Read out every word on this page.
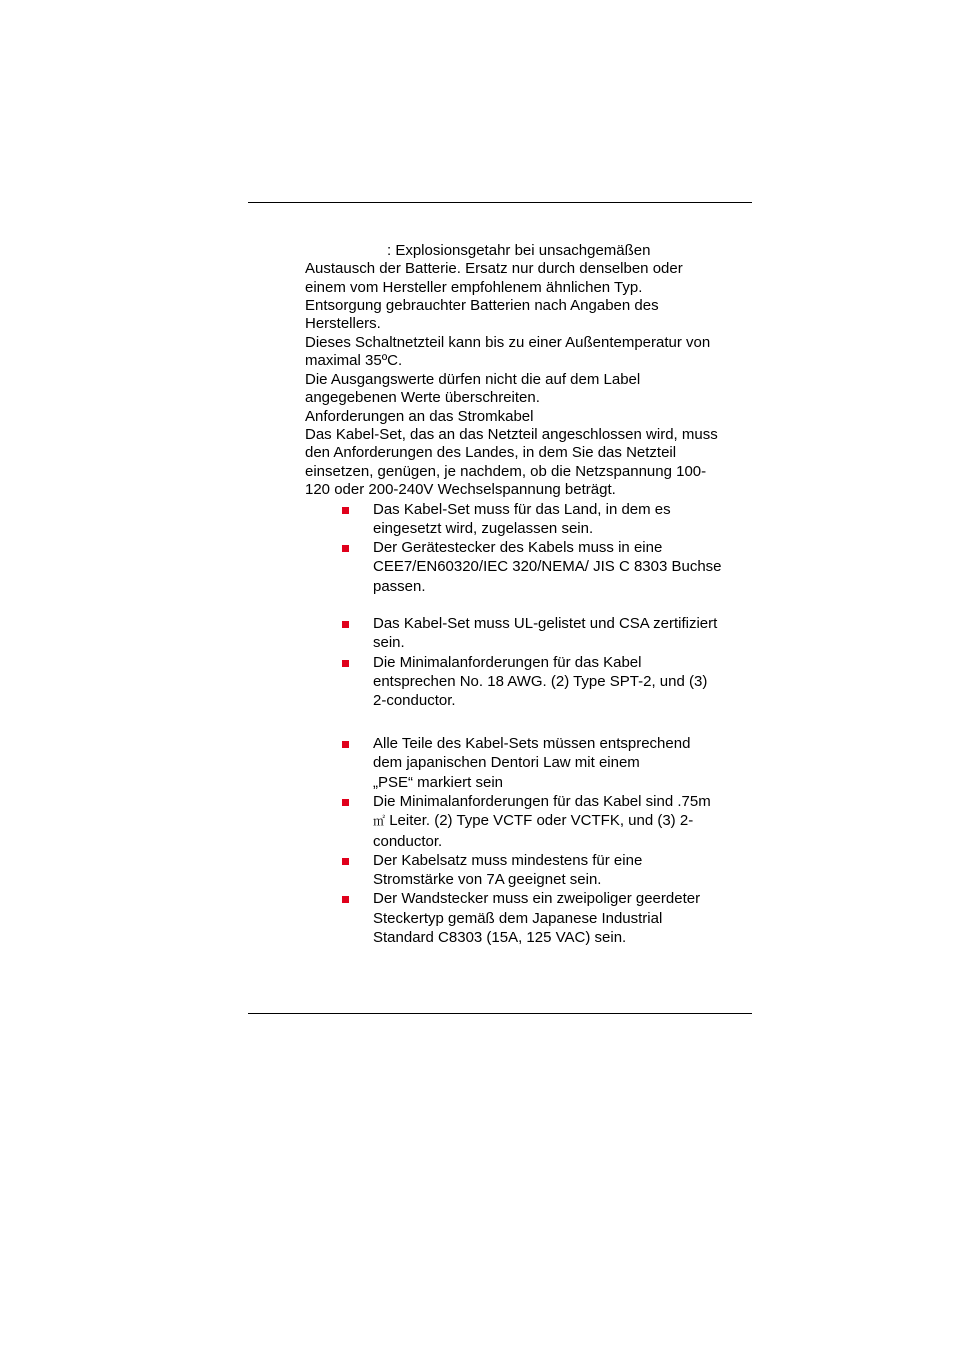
: Explosionsgetahr bei unsachgemäßen
Austausch der Batterie. Ersatz nur durch denselben oder
einem vom Hersteller empfohlenem ähnlichen Typ.
Entsorgung gebrauchter Batterien nach Angaben des
Herstellers.
Dieses Schaltnetzteil kann bis zu einer Außentemperatur von
maximal 35ºC.
Die Ausgangswerte dürfen nicht die auf dem Label
angegebenen Werte überschreiten.
Anforderungen an das Stromkabel
Das Kabel-Set, das an das Netzteil angeschlossen wird, muss
den Anforderungen des Landes, in dem Sie das Netzteil
einsetzen, genügen, je nachdem, ob die Netzspannung 100-
120 oder 200-240V Wechselspannung beträgt.
Das Kabel-Set muss für das Land, in dem es
eingesetzt wird, zugelassen sein.
Der Gerätestecker des Kabels muss in eine
CEE7/EN60320/IEC 320/NEMA/ JIS C 8303 Buchse
passen.
Das Kabel-Set muss UL-gelistet und CSA zertifiziert
sein.
Die Minimalanforderungen für das Kabel
entsprechen No. 18 AWG. (2) Type SPT-2, und (3)
2-conductor.
Alle Teile des Kabel-Sets müssen entsprechend
dem japanischen Dentori Law mit einem
„PSE“ markiert sein
Die Minimalanforderungen für das Kabel sind .75m
㎡ Leiter. (2) Type VCTF oder VCTFK, und (3) 2-
conductor.
Der Kabelsatz muss mindestens für eine
Stromstärke von 7A geeignet sein.
Der Wandstecker muss ein zweipoliger geerdeter
Steckertyp gemäß dem Japanese Industrial
Standard C8303 (15A, 125 VAC) sein.
